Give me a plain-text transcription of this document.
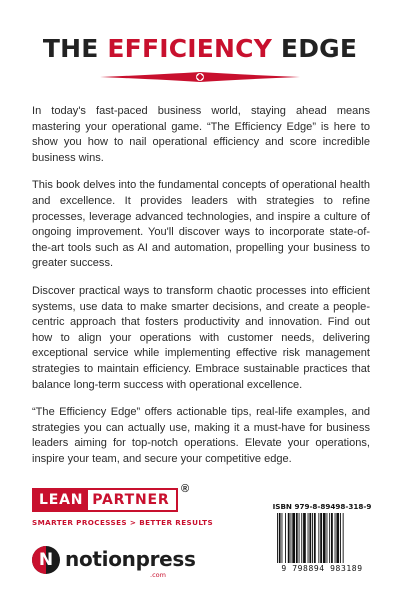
THE EFFICIENCY EDGE

In today's fast-paced business world, staying ahead means mastering your operational game. “The Efficiency Edge” is here to show you how to nail operational efficiency and score incredible business wins.

This book delves into the fundamental concepts of operational health and excellence. It provides leaders with strategies to refine processes, leverage advanced technologies, and inspire a culture of ongoing improvement. You'll discover ways to incorporate state-of-the-art tools such as AI and automation, propelling your business to greater success.

Discover practical ways to transform chaotic processes into efficient systems, use data to make smarter decisions, and create a people-centric approach that fosters productivity and innovation. Find out how to align your operations with customer needs, delivering exceptional service while implementing effective risk management strategies to maintain efficiency. Embrace sustainable practices that balance long-term success with operational excellence.

“The Efficiency Edge” offers actionable tips, real-life examples, and strategies you can actually use, making it a must-have for business leaders aiming for top-notch operations. Elevate your operations, inspire your team, and secure your competitive edge.

LEAN PARTNER
®
SMARTER PROCESSES > BETTER RESULTS
N notionpress
.com
ISBN 979-8-89498-318-9
9 798894 983189
